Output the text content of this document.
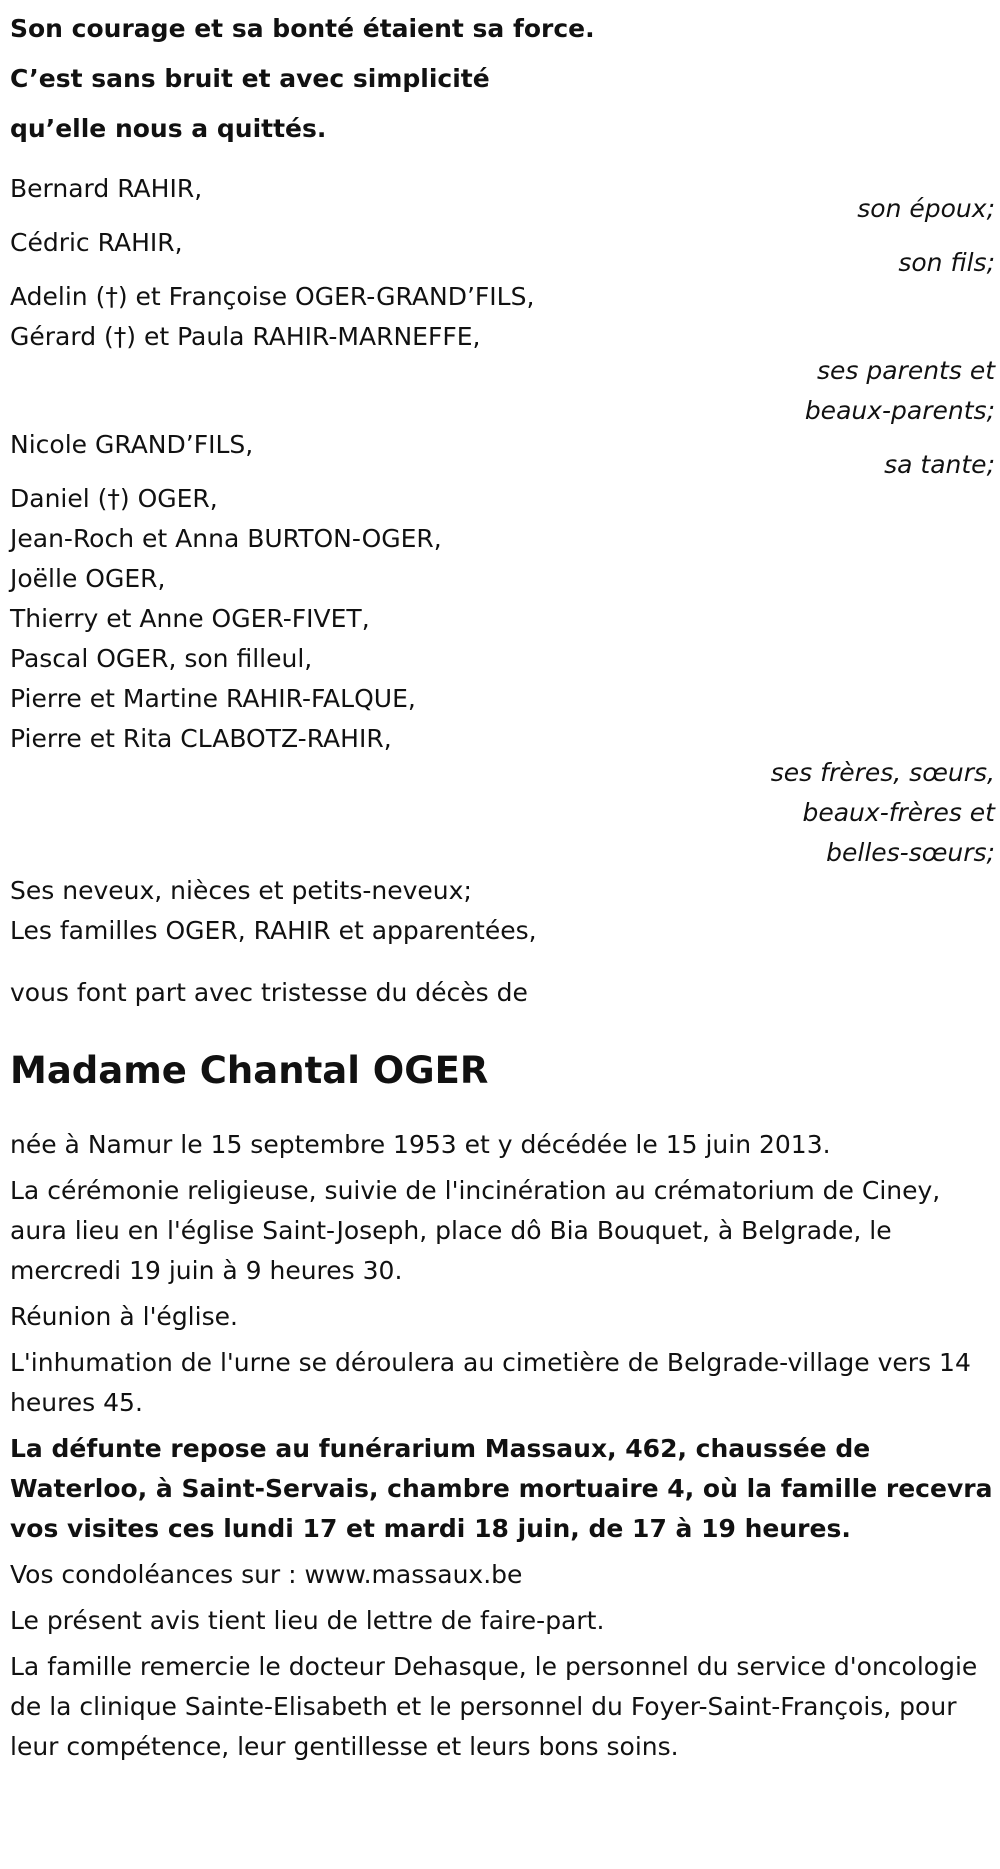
Son courage et sa bonté étaient sa force.
C’est sans bruit et avec simplicité
qu’elle nous a quittés.
Bernard RAHIR,
son époux;
Cédric RAHIR,
son fils;
Adelin (†) et Françoise OGER-GRAND’FILS,
Gérard (†) et Paula RAHIR-MARNEFFE,
ses parents et
beaux-parents;
Nicole GRAND’FILS,
sa tante;
Daniel (†) OGER,
Jean-Roch et Anna BURTON-OGER,
Joëlle OGER,
Thierry et Anne OGER-FIVET,
Pascal OGER, son filleul,
Pierre et Martine RAHIR-FALQUE,
Pierre et Rita CLABOTZ-RAHIR,
ses frères, sœurs,
beaux-frères et
belles-sœurs;
Ses neveux, nièces et petits-neveux;
Les familles OGER, RAHIR et apparentées,
vous font part avec tristesse du décès de
Madame Chantal OGER

née à Namur le 15 septembre 1953 et y décédée le 15 juin 2013.

La cérémonie religieuse, suivie de l'incinération au crématorium de Ciney, aura lieu en l'église Saint-Joseph, place dô Bia Bouquet, à Belgrade, le mercredi 19 juin à 9 heures 30.

Réunion à l'église.

L'inhumation de l'urne se déroulera au cimetière de Belgrade-village vers 14 heures 45.

La défunte repose au funérarium Massaux, 462, chaussée de Waterloo, à Saint-Servais, chambre mortuaire 4, où la famille recevra vos visites ces lundi 17 et mardi 18 juin, de 17 à 19 heures.

Vos condoléances sur : www.massaux.be

Le présent avis tient lieu de lettre de faire-part.

La famille remercie le docteur Dehasque, le personnel du service d'oncologie de la clinique Sainte-Elisabeth et le personnel du Foyer-Saint-François, pour leur compétence, leur gentillesse et leurs bons soins.
